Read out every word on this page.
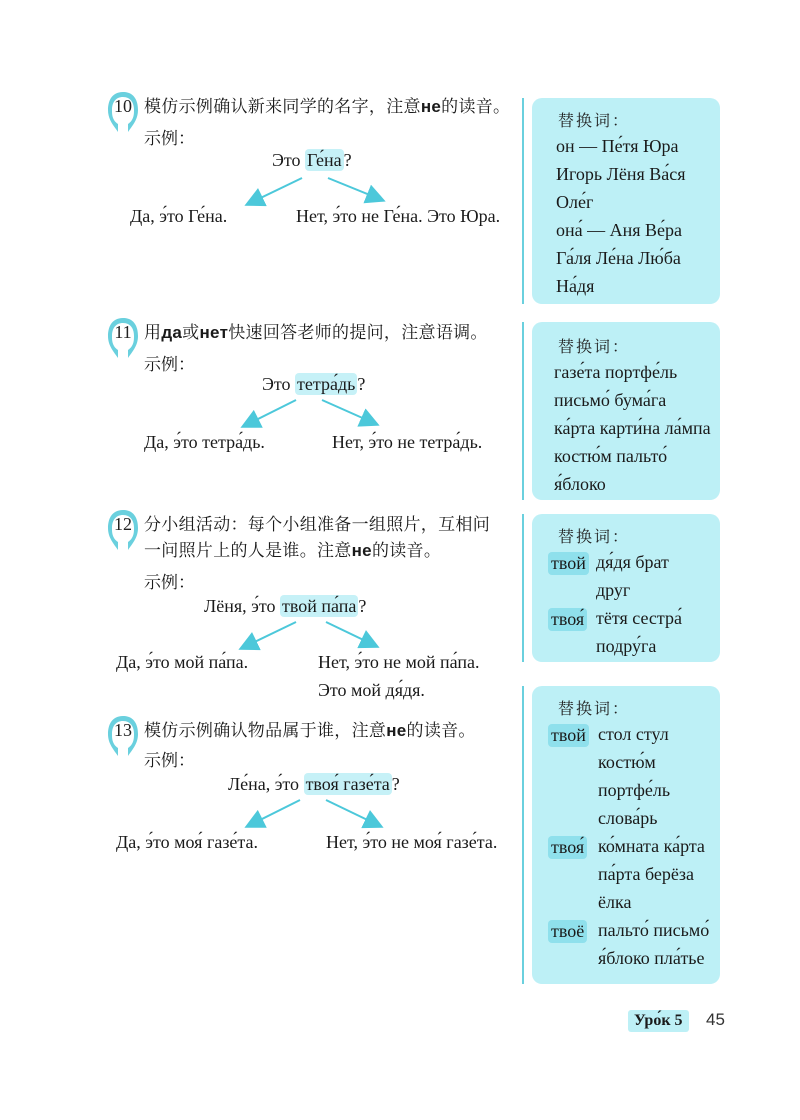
10 模仿示例确认新来同学的名字，注意не的读音。
示例：
Это Ге́на ?
Да, э́то Ге́на.	Нет, э́то не Ге́на. Это Юра.
11 用да或нет快速回答老师的提问，注意语调。
示例：
Это тетра́дь ?
Да, э́то тетра́дь.	Нет, э́то не тетра́дь.
12 分小组活动：每个小组准备一组照片，互相问
一问照片上的人是谁。注意не的读音。
示例：
Лёня, э́то твой па́па ?
Да, э́то мой па́па.	Нет, э́то не мой па́па.
Это мой дя́дя.
13 模仿示例确认物品属于谁，注意не的读音。
示例：
Ле́на, э́то твоя́ газе́та ?
Да, э́то моя́ газе́та.	Нет, э́то не моя́ газе́та.
替换词：
он — Пе́тя Юра
Игорь Лёня Ва́ся
Оле́г
она́ — Аня Ве́ра
Га́ля Ле́на Лю́ба
На́дя
替换词：
газе́та портфе́ль
письмо́ бума́га
ка́рта карти́на ла́мпа
костю́м пальто́
я́блоко
替换词：
твой дя́дя брат
друг
твоя́ тётя сестра́
подру́га
替换词：
твой стол стул
костю́м
портфе́ль
слова́рь
твоя́ ко́мната ка́рта
па́рта берёза
ёлка
твоё пальто́ письмо́
я́блоко пла́тье
Уро́к 5	45
